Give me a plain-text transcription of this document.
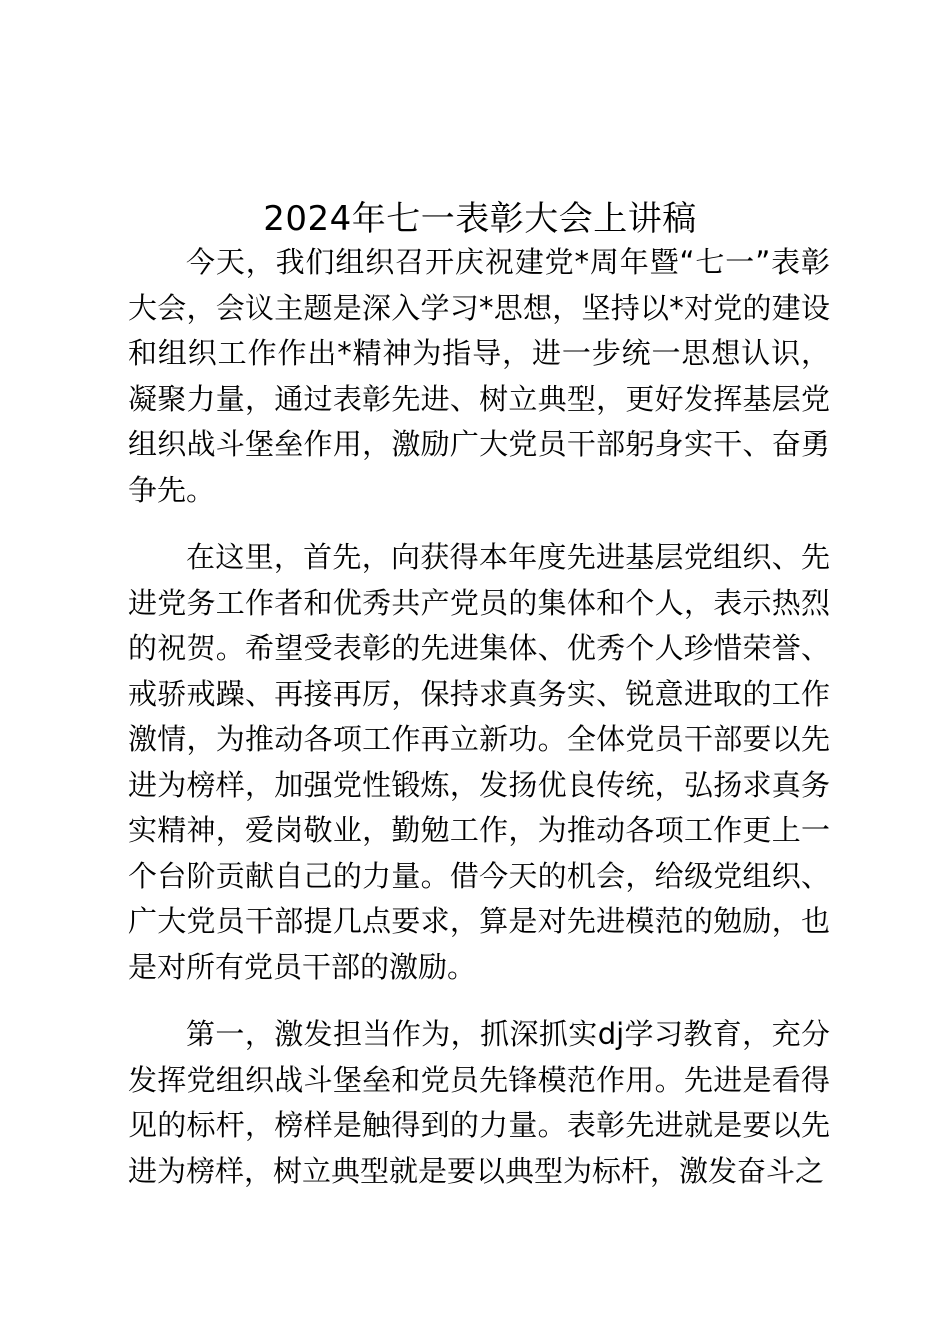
2024年七一表彰大会上讲稿

今天，我们组织召开庆祝建党*周年暨“七一”表彰大会，会议主题是深入学习*思想，坚持以*对党的建设和组织工作作出*精神为指导，进一步统一思想认识，凝聚力量，通过表彰先进、树立典型，更好发挥基层党组织战斗堡垒作用，激励广大党员干部躬身实干、奋勇争先。

在这里，首先，向获得本年度先进基层党组织、先进党务工作者和优秀共产党员的集体和个人，表示热烈的祝贺。希望受表彰的先进集体、优秀个人珍惜荣誉、戒骄戒躁、再接再厉，保持求真务实、锐意进取的工作激情，为推动各项工作再立新功。全体党员干部要以先进为榜样，加强党性锻炼，发扬优良传统，弘扬求真务实精神，爱岗敬业，勤勉工作，为推动各项工作更上一个台阶贡献自己的力量。借今天的机会，给级党组织、广大党员干部提几点要求，算是对先进模范的勉励，也是对所有党员干部的激励。

第一，激发担当作为，抓深抓实dj学习教育，充分发挥党组织战斗堡垒和党员先锋模范作用。先进是看得见的标杆，榜样是触得到的力量。表彰先进就是要以先进为榜样，树立典型就是要以典型为标杆，激发奋斗之
